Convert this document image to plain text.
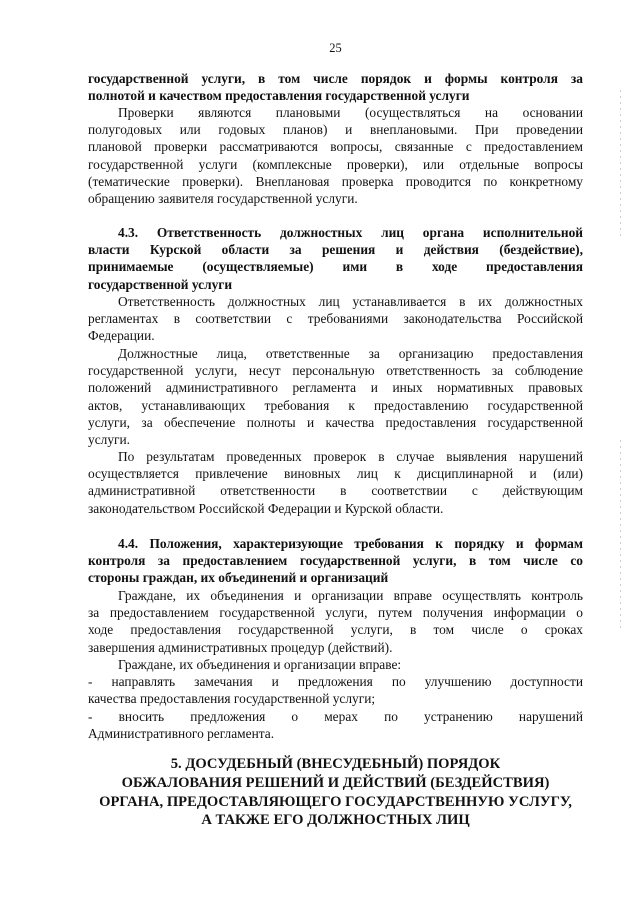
25
государственной услуги, в том числе порядок и формы контроля за
полнотой и качеством предоставления государственной услуги
Проверки являются плановыми (осуществляться на основании
полугодовых или годовых планов) и внеплановыми. При проведении
плановой проверки рассматриваются вопросы, связанные с предоставлением
государственной услуги (комплексные проверки), или отдельные вопросы
(тематические проверки). Внеплановая проверка проводится по конкретному
обращению заявителя государственной услуги.
4.3. Ответственность должностных лиц органа исполнительной
власти Курской области за решения и действия (бездействие),
принимаемые (осуществляемые) ими в ходе предоставления
государственной услуги
Ответственность должностных лиц устанавливается в их должностных
регламентах в соответствии с требованиями законодательства Российской
Федерации.
Должностные лица, ответственные за организацию предоставления
государственной услуги, несут персональную ответственность за соблюдение
положений административного регламента и иных нормативных правовых
актов, устанавливающих требования к предоставлению государственной
услуги, за обеспечение полноты и качества предоставления государственной
услуги.
По результатам проведенных проверок в случае выявления нарушений
осуществляется привлечение виновных лиц к дисциплинарной и (или)
административной ответственности в соответствии с действующим
законодательством Российской Федерации и Курской области.
4.4. Положения, характеризующие требования к порядку и формам
контроля за предоставлением государственной услуги, в том числе со
стороны граждан, их объединений и организаций
Граждане, их объединения и организации вправе осуществлять контроль
за предоставлением государственной услуги, путем получения информации о
ходе предоставления государственной услуги, в том числе о сроках
завершения административных процедур (действий).
Граждане, их объединения и организации вправе:
- направлять замечания и предложения по улучшению доступности
качества предоставления государственной услуги;
- вносить предложения о мерах по устранению нарушений
Административного регламента.
5. ДОСУДЕБНЫЙ (ВНЕСУДЕБНЫЙ) ПОРЯДОК
ОБЖАЛОВАНИЯ РЕШЕНИЙ И ДЕЙСТВИЙ (БЕЗДЕЙСТВИЯ)
ОРГАНА, ПРЕДОСТАВЛЯЮЩЕГО ГОСУДАРСТВЕННУЮ УСЛУГУ,
А ТАКЖЕ ЕГО ДОЛЖНОСТНЫХ ЛИЦ
